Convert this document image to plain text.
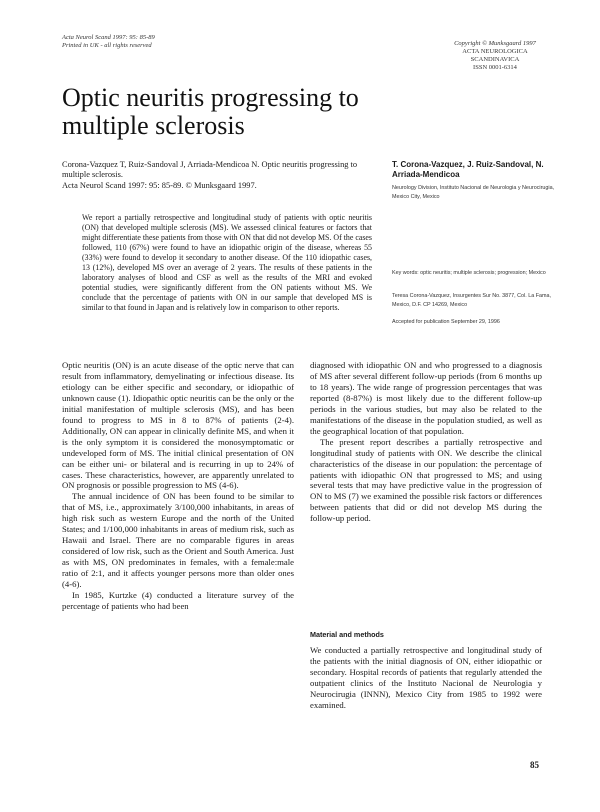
Acta Neurol Scand 1997: 95: 85-89
Printed in UK - all rights reserved	Copyright © Munksgaard 1997
ACTA NEUROLOGICA
SCANDINAVICA
ISSN 0001-6314
Optic neuritis progressing to multiple sclerosis
Corona-Vazquez T, Ruiz-Sandoval J, Arriada-Mendicoa N. Optic neuritis progressing to multiple sclerosis.
Acta Neurol Scand 1997: 95: 85-89. © Munksgaard 1997.
T. Corona-Vazquez, J. Ruiz-Sandoval, N. Arriada-Mendicoa
Neurology Division, Instituto Nacional de Neurologia y Neurocirugia, Mexico City, Mexico
We report a partially retrospective and longitudinal study of patients with optic neuritis (ON) that developed multiple sclerosis (MS). We assessed clinical features or factors that might differentiate these patients from those with ON that did not develop MS. Of the cases followed, 110 (67%) were found to have an idiopathic origin of the disease, whereas 55 (33%) were found to develop it secondary to another disease. Of the 110 idiopathic cases, 13 (12%), developed MS over an average of 2 years. The results of these patients in the laboratory analyses of blood and CSF as well as the results of the MRI and evoked potential studies, were significantly different from the ON patients without MS. We conclude that the percentage of patients with ON in our sample that developed MS is similar to that found in Japan and is relatively low in comparison to other reports.
Key words: optic neuritis; multiple sclerosis; progression; Mexico
Teresa Corona-Vazquez, Insurgentes Sur No. 3877, Col. La Fama, Mexico, D.F. CP 14269, Mexico
Accepted for publication September 29, 1996

Optic neuritis (ON) is an acute disease of the optic nerve that can result from inflammatory, demyelinating or infectious disease. Its etiology can be either specific and secondary, or idiopathic of unknown cause (1). Idiopathic optic neuritis can be the only or the initial manifestation of multiple sclerosis (MS), and has been found to progress to MS in 8 to 87% of patients (2-4). Additionally, ON can appear in clinically definite MS, and when it is the only symptom it is considered the monosymptomatic or undeveloped form of MS. The initial clinical presentation of ON can be either uni- or bilateral and is recurring in up to 24% of cases. These characteristics, however, are apparently unrelated to ON prognosis or possible progression to MS (4-6).

The annual incidence of ON has been found to be similar to that of MS, i.e., approximately 3/100,000 inhabitants, in areas of high risk such as western Europe and the north of the United States; and 1/100,000 inhabitants in areas of medium risk, such as Hawaii and Israel. There are no comparable figures in areas considered of low risk, such as the Orient and South America. Just as with MS, ON predominates in females, with a female:male ratio of 2:1, and it affects younger persons more than older ones (4-6).

In 1985, Kurtzke (4) conducted a literature survey of the percentage of patients who had been

diagnosed with idiopathic ON and who progressed to a diagnosis of MS after several different follow-up periods (from 6 months up to 18 years). The wide range of progression percentages that was reported (8-87%) is most likely due to the different follow-up periods in the various studies, but may also be related to the manifestations of the disease in the population studied, as well as the geographical location of that population.

The present report describes a partially retrospective and longitudinal study of patients with ON. We describe the clinical characteristics of the disease in our population: the percentage of patients with idiopathic ON that progressed to MS; and using several tests that may have predictive value in the progression of ON to MS (7) we examined the possible risk factors or differences between patients that did or did not develop MS during the follow-up period.

Material and methods

We conducted a partially retrospective and longitudinal study of the patients with the initial diagnosis of ON, either idiopathic or secondary. Hospital records of patients that regularly attended the outpatient clinics of the Instituto Nacional de Neurologia y Neurocirugia (INNN), Mexico City from 1985 to 1992 were examined.

85
